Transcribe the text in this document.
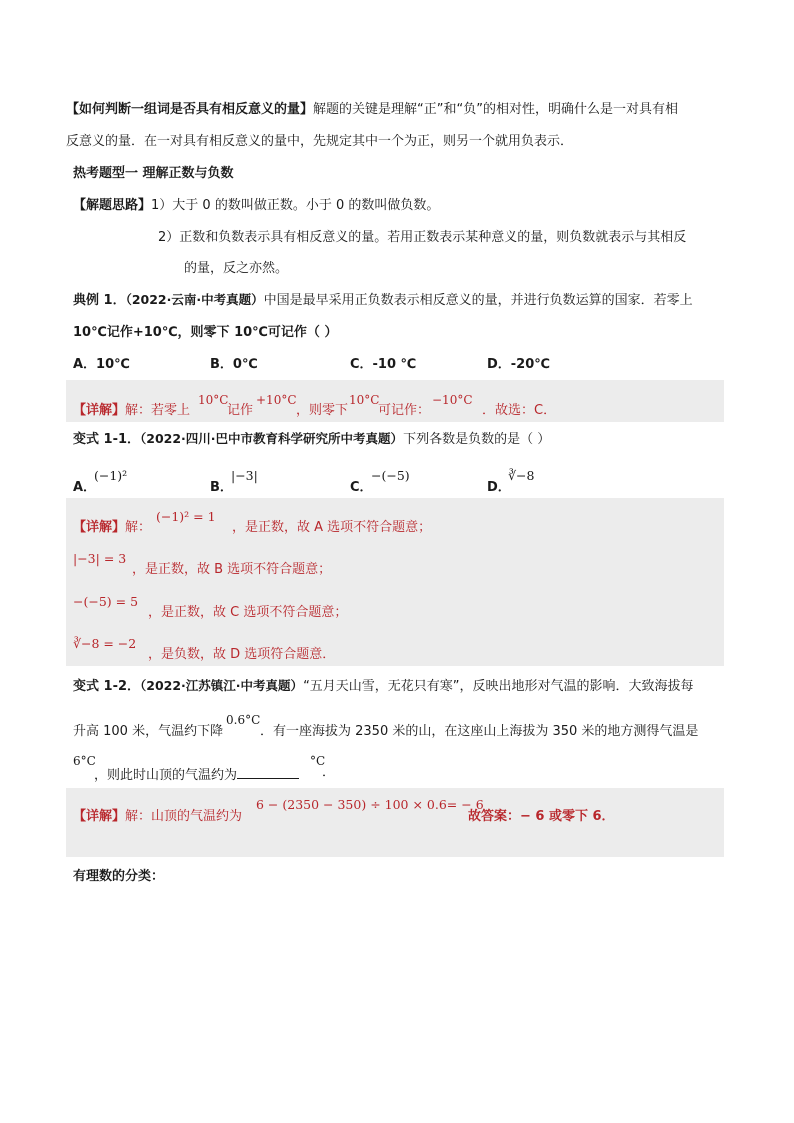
【如何判断一组词是否具有相反意义的量】解题的关键是理解“正”和“负”的相对性，明确什么是一对具有相
反意义的量．在一对具有相反意义的量中，先规定其中一个为正，则另一个就用负表示．
热考题型一 理解正数与负数
【解题思路】1）大于 0 的数叫做正数。小于 0 的数叫做负数。
2）正数和负数表示具有相反意义的量。若用正数表示某种意义的量，则负数就表示与其相反
的量，反之亦然。
典例 1．（2022·云南·中考真题）中国是最早采用正负数表示相反意义的量，并进行负数运算的国家．若零上
10℃记作+10℃，则零下 10℃可记作（ ）
A．10℃	B．0℃	C．-10 ℃	D．-20℃
【详解】解：若零上
10°C
记作
+10°C
，则零下
10°C
可记作：
−10°C
．故选：C．
变式 1-1．（2022·四川·巴中市教育科学研究所中考真题）下列各数是负数的是（ ）
A．
(−1)²
B．
|−3|
C．
−(−5)
D．
∛−8
【详解】解：
(−1)² = 1
，是正数，故 A 选项不符合题意；
|−3| = 3
，是正数，故 B 选项不符合题意；
−(−5) = 5
，是正数，故 C 选项不符合题意；
∛−8 = −2
，是负数，故 D 选项符合题意．
变式 1-2．（2022·江苏镇江·中考真题）“五月天山雪，无花只有寒”，反映出地形对气温的影响．大致海拔每
升高 100 米，气温约下降
0.6°C
．有一座海拔为 2350 米的山，在这座山上海拔为 350 米的地方测得气温是
6°C
，则此时山顶的气温约为
°C
．
【详解】解：山顶的气温约为
6 − (2350 − 350) ÷ 100 × 0.6= − 6
故答案：− 6 或零下 6．
有理数的分类：
